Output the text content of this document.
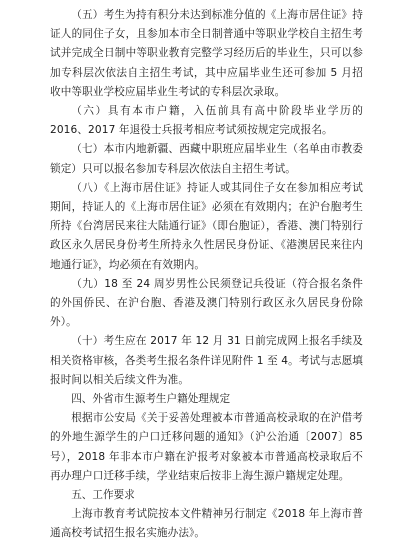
（五）考生为持有积分未达到标准分值的《上海市居住证》持证人的同住子女，且参加本市全日制普通中等职业学校自主招生考试并完成全日制中等职业教育完整学习经历后的毕业生，只可以参加专科层次依法自主招生考试，其中应届毕业生还可参加 5 月招收中等职业学校应届毕业生考试的专科层次录取。

（六）具有本市户籍，入伍前具有高中阶段毕业学历的 2016、2017 年退役士兵报考相应考试须按规定完成报名。

（七）本市内地新疆、西藏中职班应届毕业生（名单由市教委锁定）只可以报名参加专科层次依法自主招生考试。

（八）《上海市居住证》持证人或其同住子女在参加相应考试期间，持证人的《上海市居住证》必须在有效期内；在沪台胞考生所持《台湾居民来往大陆通行证》（即台胞证），香港、澳门特别行政区永久居民身份考生所持永久性居民身份证、《港澳居民来往内地通行证》，均必须在有效期内。

（九）18 至 24 周岁男性公民须登记兵役证（符合报名条件的外国侨民、在沪台胞、香港及澳门特别行政区永久居民身份除外）。

（十）考生应在 2017 年 12 月 31 日前完成网上报名手续及相关资格审核，各类考生报名条件详见附件 1 至 4。考试与志愿填报时间以相关后续文件为准。

四、外省市生源考生户籍处理规定

根据市公安局《关于妥善处理被本市普通高校录取的在沪借考的外地生源学生的户口迁移问题的通知》（沪公治通〔2007〕85 号），2018 年非本市户籍在沪报考对象被本市普通高校录取后不再办理户口迁移手续，学业结束后按非上海生源户籍规定处理。

五、工作要求

上海市教育考试院按本文件精神另行制定《2018 年上海市普通高校考试招生报名实施办法》。
